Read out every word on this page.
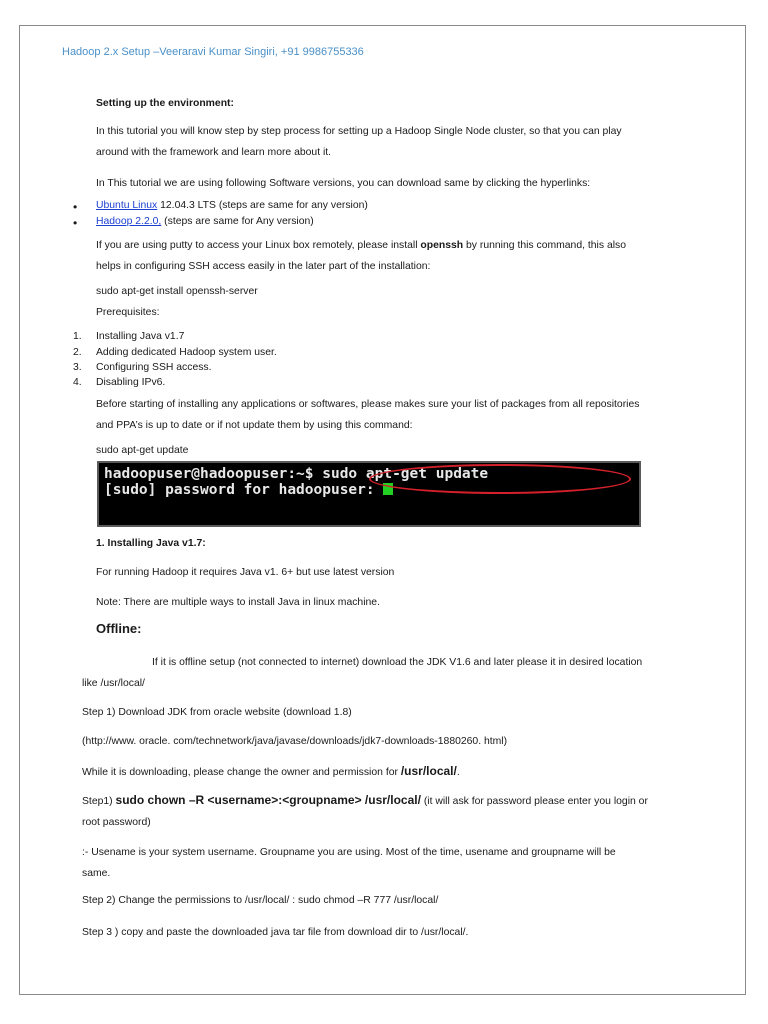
Hadoop 2.x Setup –Veeraravi Kumar Singiri, +91 9986755336
Setting up the environment:
In this tutorial you will know step by step process for setting up a Hadoop Single Node cluster, so that you can play
around with the framework and learn more about it.
In This tutorial we are using following Software versions, you can download same by clicking the hyperlinks:
• Ubuntu Linux 12.04.3 LTS (steps are same for any version)
• Hadoop 2.2.0, (steps are same for Any version)
If you are using putty to access your Linux box remotely, please install openssh by running this command, this also
helps in configuring SSH access easily in the later part of the installation:
sudo apt-get install openssh-server
Prerequisites:
1. Installing Java v1.7
2. Adding dedicated Hadoop system user.
3. Configuring SSH access.
4. Disabling IPv6.
Before starting of installing any applications or softwares, please makes sure your list of packages from all repositories
and PPA’s is up to date or if not update them by using this command:
sudo apt-get update
hadoopuser@hadoopuser:~$ sudo apt-get update
[sudo] password for hadoopuser:
1. Installing Java v1.7:
For running Hadoop it requires Java v1. 6+ but use latest version
Note: There are multiple ways to install Java in linux machine.
Offline:
If it is offline setup (not connected to internet) download the JDK V1.6 and later please it in desired location
like /usr/local/
Step 1) Download JDK from oracle website (download 1.8)
(http://www. oracle. com/technetwork/java/javase/downloads/jdk7-downloads-1880260. html)
While it is downloading, please change the owner and permission for /usr/local/.
Step1) sudo chown –R <username>:<groupname> /usr/local/ (it will ask for password please enter you login or
root password)
:- Usename is your system username. Groupname you are using. Most of the time, usename and groupname will be
same.
Step 2) Change the permissions to /usr/local/ : sudo chmod –R 777 /usr/local/
Step 3 ) copy and paste the downloaded java tar file from download dir to /usr/local/.
